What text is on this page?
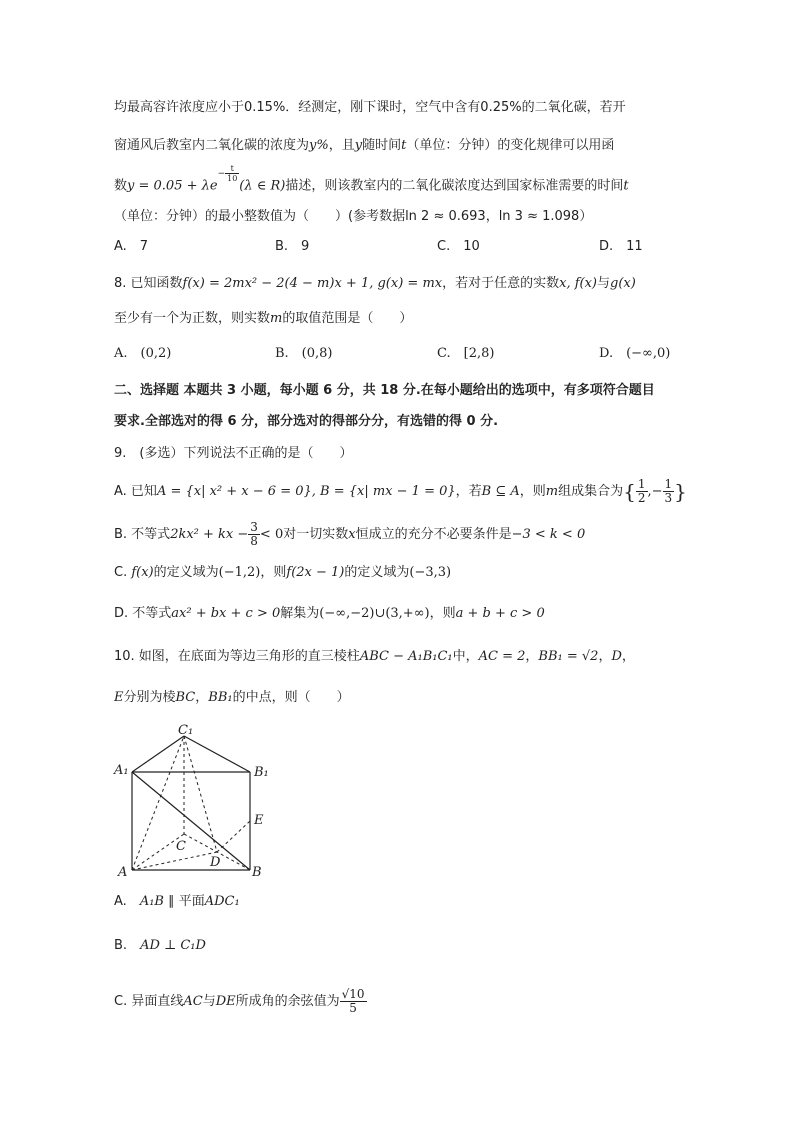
均最高容许浓度应小于0.15%．经测定，刚下课时，空气中含有0.25%的二氧化碳，若开
窗通风后教室内二氧化碳的浓度为y%，且y随时间t（单位：分钟）的变化规律可以用函
数$y = 0.05 + \lambda e^{- \frac{t}{10}}$
(λ ∈ R)描述，则该教室内的二氧化碳浓度达到国家标准需要的时间t
（单位：分钟）的最小整数值为（　　）(参考数据ln 2 ≈ 0.693，ln 3 ≈ 1.098）
A.　7	B.　9	C.　10	D.　11
8. 已知函数f(x) = 2mx² − 2(4 − m)x + 1, g(x) = mx，若对于任意的实数x, f(x)与g(x)
至少有一个为正数，则实数m的取值范围是（　　）
A.　(0,2)	B.　(0,8)	C.　[2,8)	D.　(−∞,0)
二、选择题 本题共 3 小题，每小题 6 分，共 18 分.在每小题给出的选项中，有多项符合题目
要求.全部选对的得 6 分，部分选对的得部分分，有选错的得 0 分.
9.　(多选）下列说法不正确的是（　　）
A. 已知A = {x| x² + x − 6 = 0}, B = {x| mx − 1 = 0}，若B ⊆ A，则m组成集合为{ $\frac{1}{2}$ ,− $\frac{1}{3}$ }
B. 不等式2kx² + kx − $\frac{3}{8} < 0$对一切实数x恒成立的充分不必要条件是−3 < k < 0
C. f(x)的定义域为(−1,2)，则f(2x − 1)的定义域为(−3,3)
D. 不等式ax² + bx + c > 0解集为(−∞,−2)∪(3,+∞)，则a + b + c > 0
10. 如图，在底面为等边三角形的直三棱柱ABC − A₁B₁C₁中，AC = 2，BB₁ = √2，D，
E分别为棱BC，BB₁的中点，则（　　）
C₁
A₁	B₁
E
C
D
A	B
A.　A₁B ∥ 平面ADC₁
B.　AD ⊥ C₁D
C. 异面直线AC与DE所成角的余弦值为 $\frac{√10}{5}$
